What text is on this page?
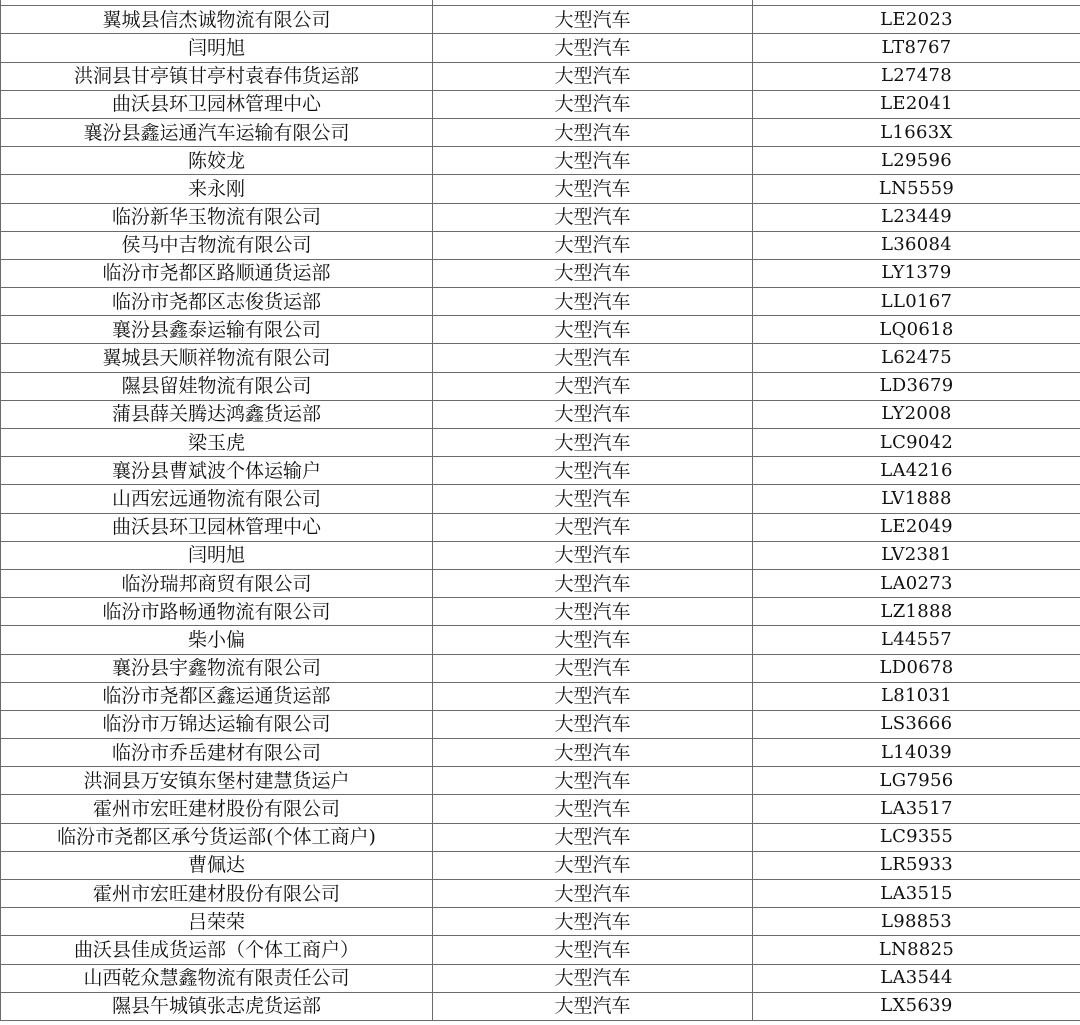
翼城县信杰诚物流有限公司	大型汽车	LE2023
闫明旭	大型汽车	LT8767
洪洞县甘亭镇甘亭村袁春伟货运部	大型汽车	L27478
曲沃县环卫园林管理中心	大型汽车	LE2041
襄汾县鑫运通汽车运输有限公司	大型汽车	L1663X
陈姣龙	大型汽车	L29596
来永刚	大型汽车	LN5559
临汾新华玉物流有限公司	大型汽车	L23449
侯马中吉物流有限公司	大型汽车	L36084
临汾市尧都区路顺通货运部	大型汽车	LY1379
临汾市尧都区志俊货运部	大型汽车	LL0167
襄汾县鑫泰运输有限公司	大型汽车	LQ0618
翼城县天顺祥物流有限公司	大型汽车	L62475
隰县留娃物流有限公司	大型汽车	LD3679
蒲县薛关腾达鸿鑫货运部	大型汽车	LY2008
梁玉虎	大型汽车	LC9042
襄汾县曹斌波个体运输户	大型汽车	LA4216
山西宏远通物流有限公司	大型汽车	LV1888
曲沃县环卫园林管理中心	大型汽车	LE2049
闫明旭	大型汽车	LV2381
临汾瑞邦商贸有限公司	大型汽车	LA0273
临汾市路畅通物流有限公司	大型汽车	LZ1888
柴小偏	大型汽车	L44557
襄汾县宇鑫物流有限公司	大型汽车	LD0678
临汾市尧都区鑫运通货运部	大型汽车	L81031
临汾市万锦达运输有限公司	大型汽车	LS3666
临汾市乔岳建材有限公司	大型汽车	L14039
洪洞县万安镇东堡村建慧货运户	大型汽车	LG7956
霍州市宏旺建材股份有限公司	大型汽车	LA3517
临汾市尧都区承兮货运部(个体工商户)	大型汽车	LC9355
曹佩达	大型汽车	LR5933
霍州市宏旺建材股份有限公司	大型汽车	LA3515
吕荣荣	大型汽车	L98853
曲沃县佳成货运部（个体工商户）	大型汽车	LN8825
山西乾众慧鑫物流有限责任公司	大型汽车	LA3544
隰县午城镇张志虎货运部	大型汽车	LX5639
